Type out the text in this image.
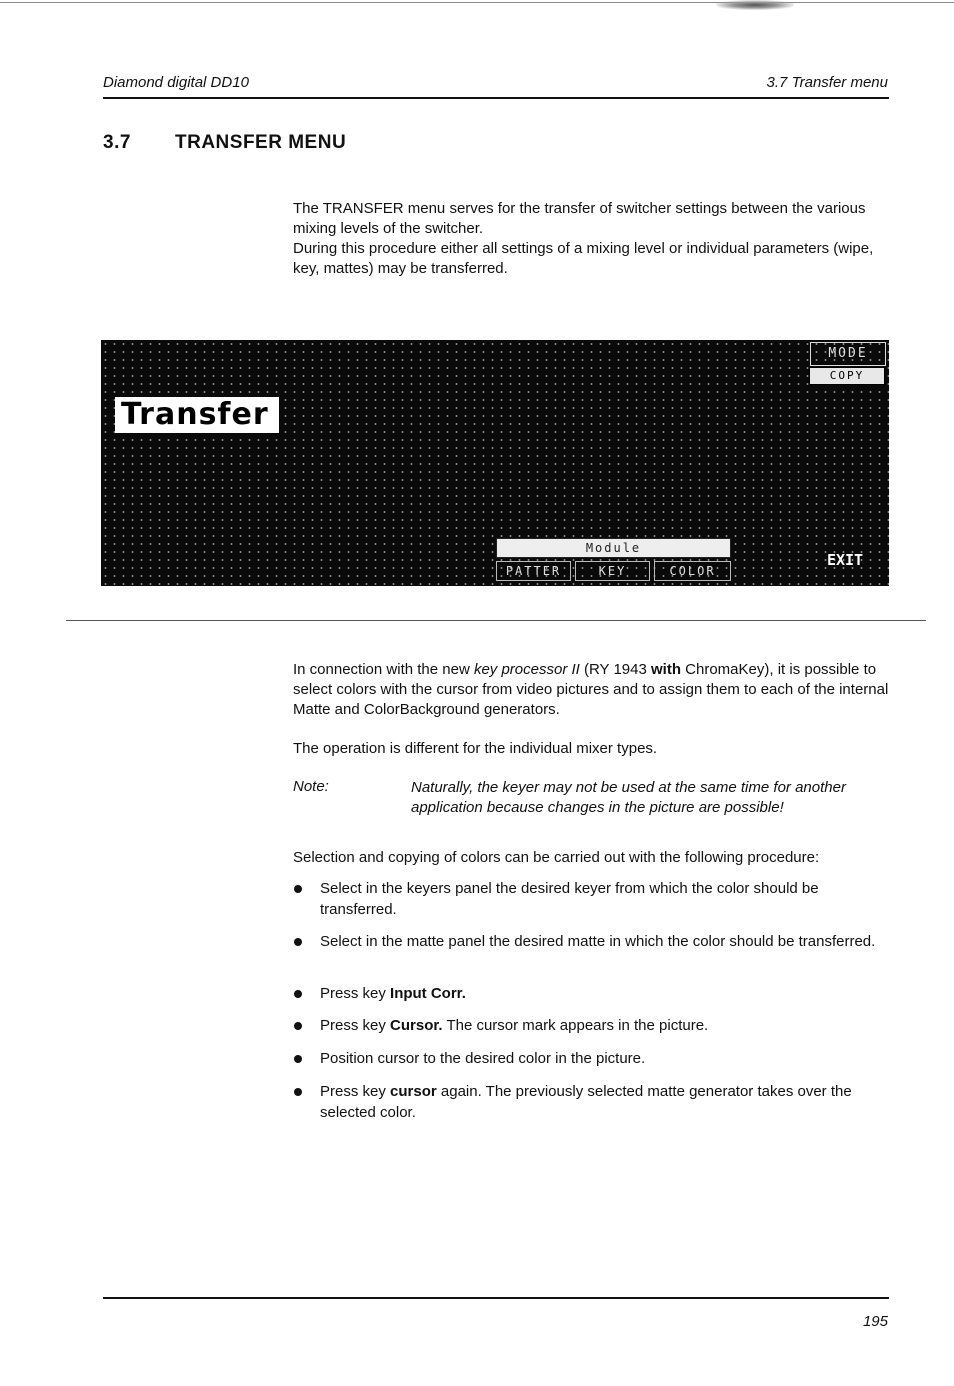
Diamond digital DD10	3.7 Transfer menu
3.7 TRANSFER MENU

The TRANSFER menu serves for the transfer of switcher settings between the various mixing levels of the switcher.

During this procedure either all settings of a mixing level or individual parameters (wipe, key, mattes) may be transferred.

Transfer
MODE
COPY
Module
PATTER	KEY	COLOR
EXIT

In connection with the new key processor II (RY 1943 with ChromaKey), it is possible to select colors with the cursor from video pictures and to assign them to each of the internal Matte and ColorBackground generators.

The operation is different for the individual mixer types.

Note:	Naturally, the keyer may not be used at the same time for another application because changes in the picture are possible!

Selection and copying of colors can be carried out with the following procedure:

Select in the keyers panel the desired keyer from which the color should be transferred.
Select in the matte panel the desired matte in which the color should be transferred.
Press key Input Corr.
Press key Cursor. The cursor mark appears in the picture.
Position cursor to the desired color in the picture.
Press key cursor again. The previously selected matte generator takes over the selected color.
195
